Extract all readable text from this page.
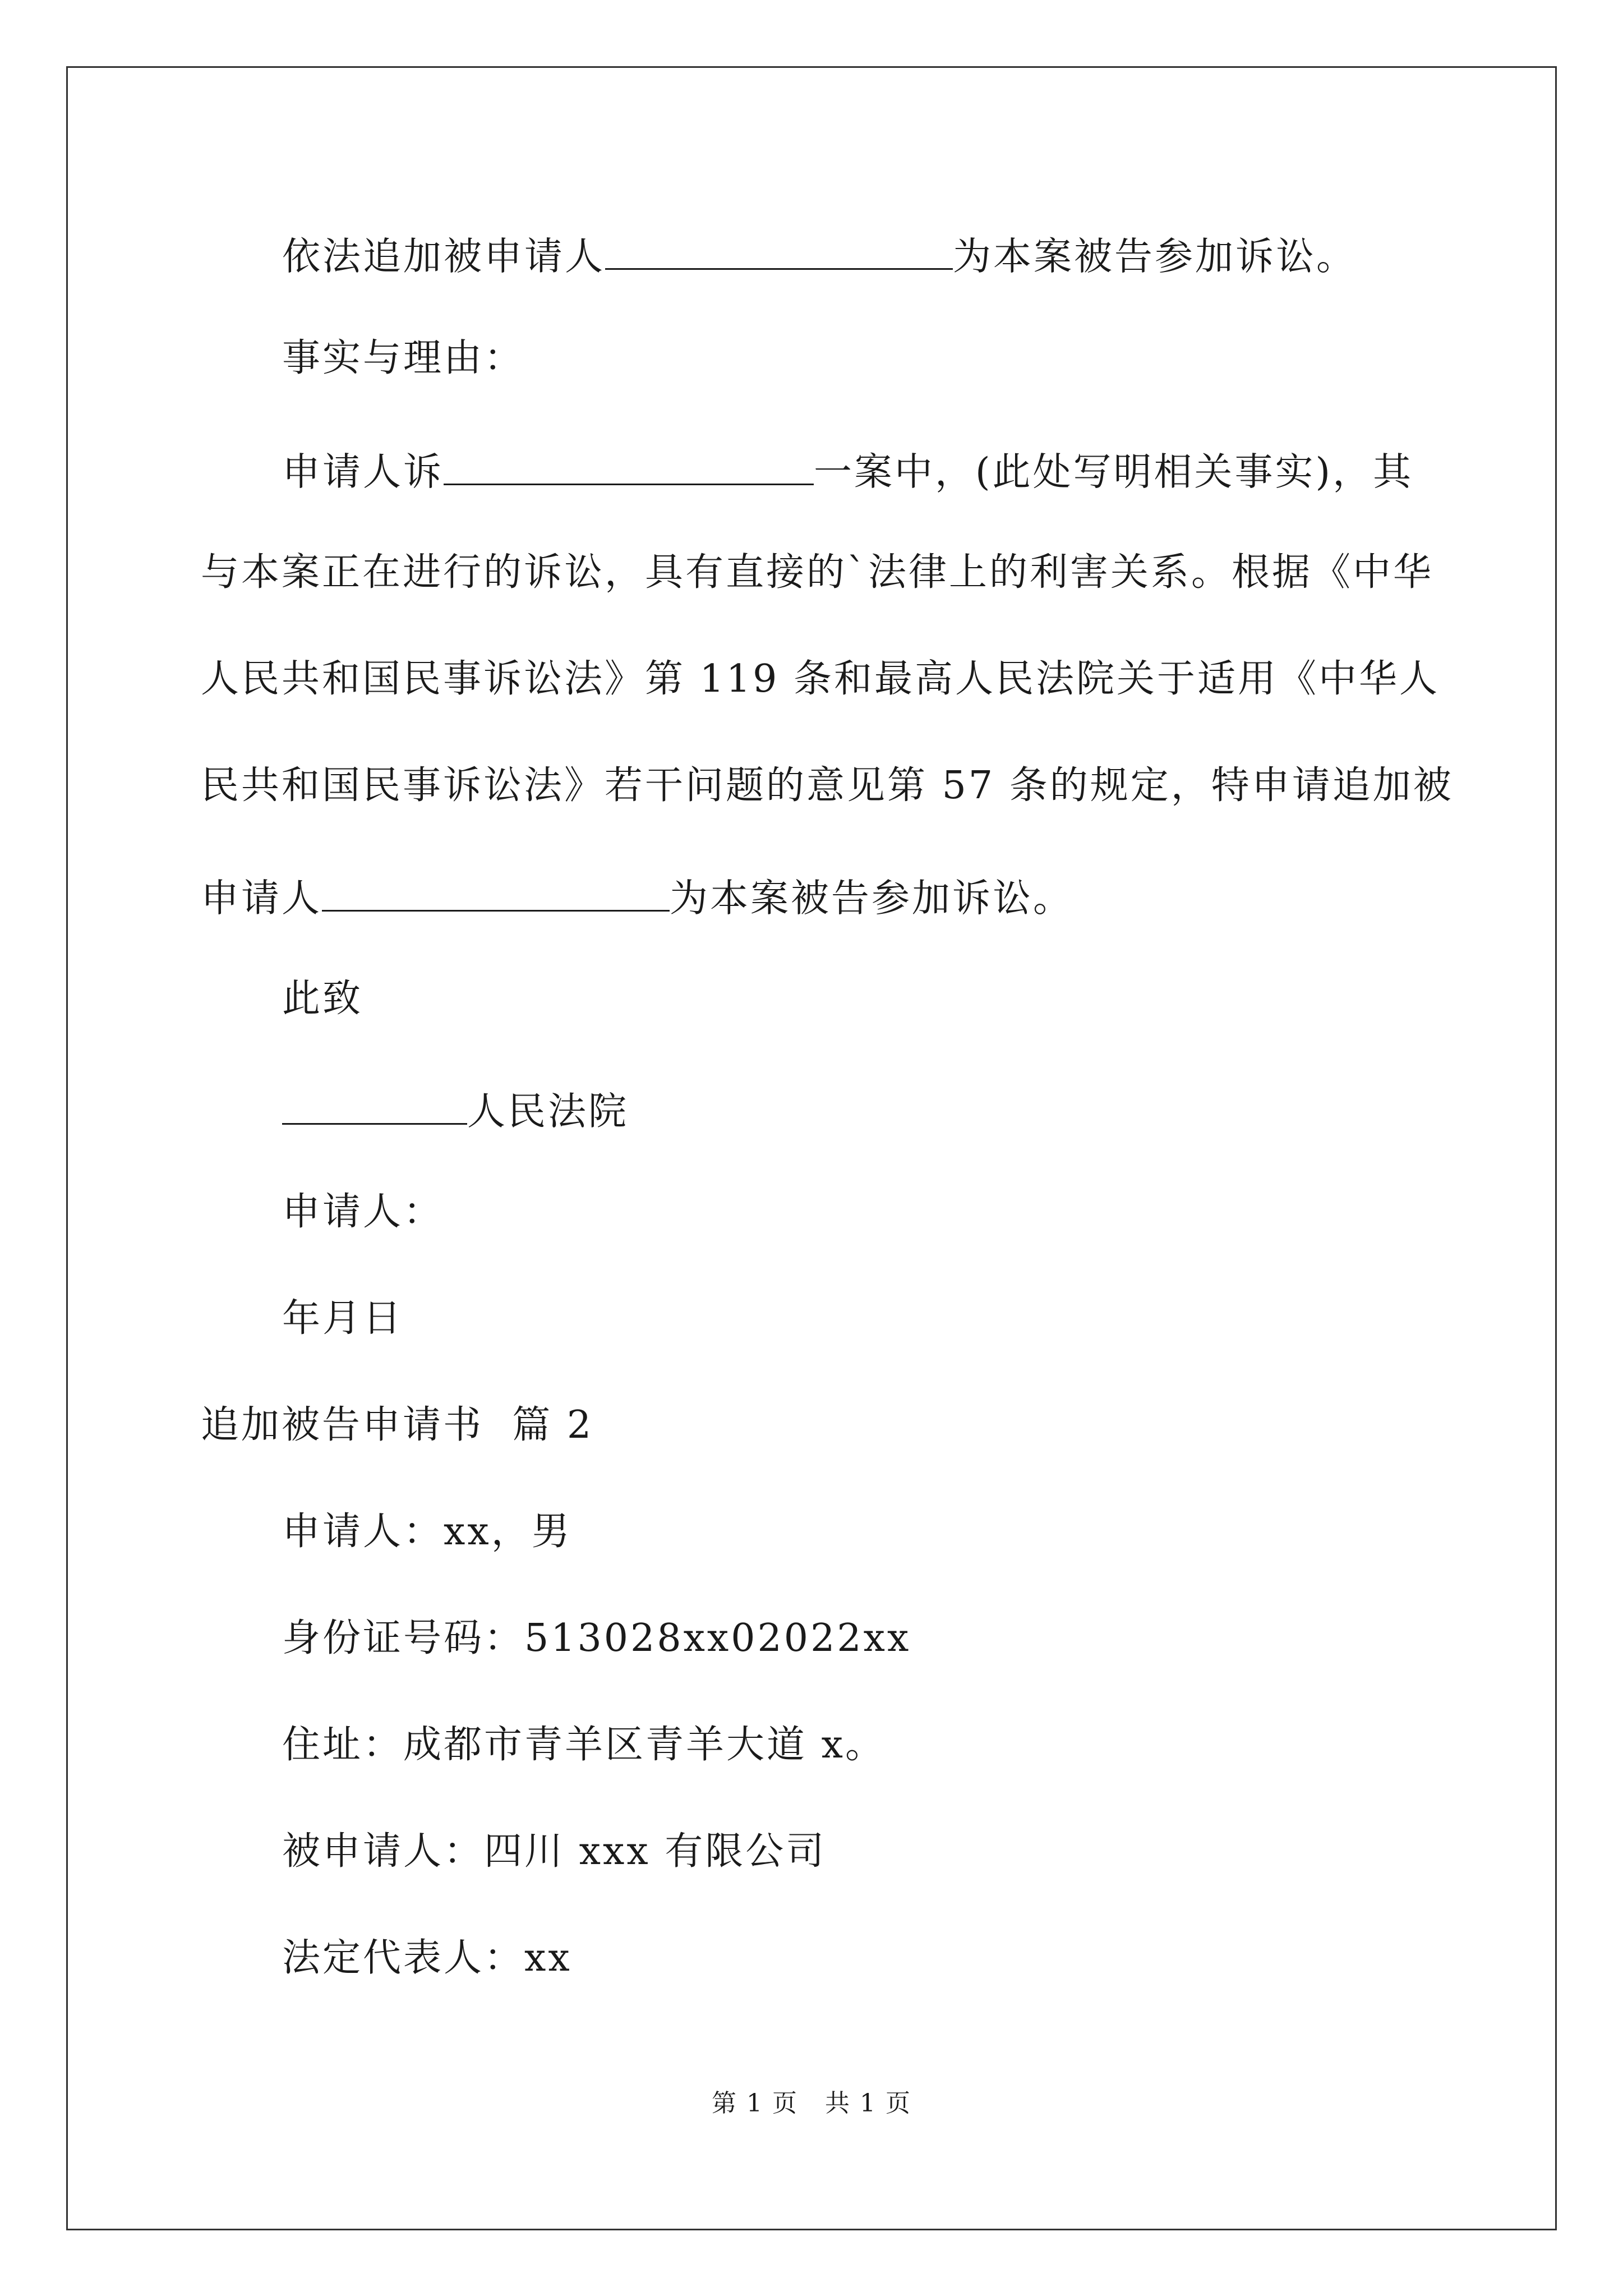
依法追加被申请人	为本案被告参加诉讼。
事实与理由：
申请人诉	一案中，(此处写明相关事实)，其
与本案正在进行的诉讼，具有直接的`法律上的利害关系。根据《中华
人民共和国民事诉讼法》第 119 条和最高人民法院关于适用《中华人
民共和国民事诉讼法》若干问题的意见第 57 条的规定，特申请追加被
申请人	为本案被告参加诉讼。
此致
人民法院
申请人：
年月日
追加被告申请书  篇 2
申请人：xx，男
身份证号码：513028xx02022xx
住址：成都市青羊区青羊大道 x。
被申请人：四川 xxx 有限公司
法定代表人：xx
第 1 页   共 1 页
